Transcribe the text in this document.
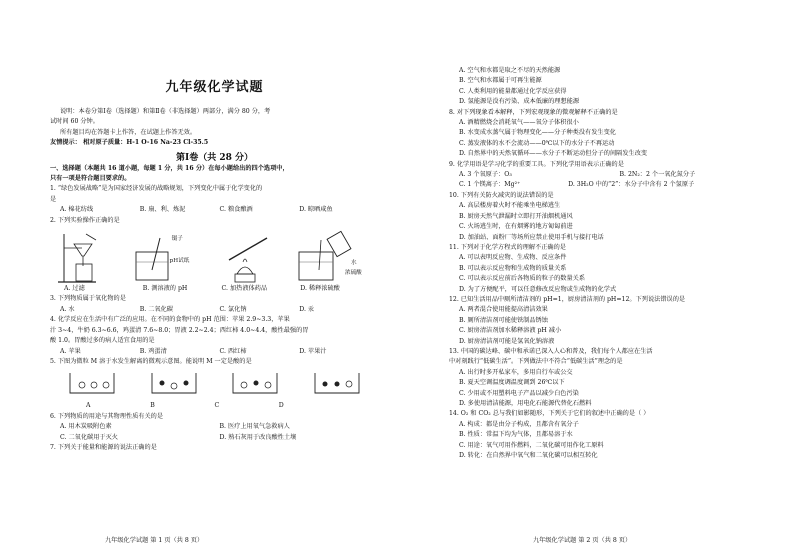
九年级化学试题
说明：本卷分第Ⅰ卷（选择题）和第Ⅱ卷（非选择题）两部分，满分 80 分，考
试时间 60 分钟。
所有题目均在答题卡上作答，在试题上作答无效。
友情提示： 相对原子质量：H-1 O-16 Na-23 Cl-35.5
第Ⅰ卷（共 28 分）
一、选择题（本题共 16 道小题，每题 1 分，共 16 分）在每小题给出的四个选项中，
只有一项是符合题目要求的。
1. “绿色发展战略”是为国家经济发展的战略规划，下列变化中属于化学变化的
是
A. 棉花纺线	B. 扇、利、炼泥	C. 粮食酿酒	D. 晾晒咸鱼
2. 下列实验操作正确的是
镊子
pH试纸	水
浓硫酸
A. 过滤	B. 测溶液的 pH	C. 加热液体药品	D. 稀释浓硫酸
3. 下列物质属于氧化物的是
A. 水	B. 二氧化碳	C. 氯化钠	D. 汞
4. 化学反应在生活中有广泛的应用。在不同的食物中的 pH 范围：苹果 2.9~3.3，苹果
汁 3~4，牛奶 6.3~6.6，鸡蛋清 7.6~8.0；胃液 2.2~2.4；西红柿 4.0~4.4，酸性最强的胃
酸 1.0。胃酸过多的病人适宜食用的是
A. 苹果	B. 鸡蛋清	C. 西红柿	D. 苹果汁
5. 下图为微粒 M 溶于水发生解离的微观示意图。能说明 M 一定是酸的是
A	B	C	D
6. 下列物质的用途与其物理性质有关的是
A. 用木炭吸附色素	B. 医疗上用氧气急救病人
C. 二氧化碳用于灭火	D. 熟石灰用于改良酸性土壤
7. 下列关于能量和能源的说法正确的是
九年级化学试题 第 1 页（共 8 页）
A. 空气和水都是取之不尽的天然能源
B. 空气和水都属于可再生能源
C. 人类利用的能量都通过化学反应获得
D. 氢能源是没有污染、成本低廉的理想能源
8. 对下列现象看本解释，下列宏观现象的微观解释不正确的是
A. 酒精燃烧会消耗氧气——氧分子体积很小
B. 水变成水蒸气属于物理变化——分子种类没有发生变化
C. 蒸发液体的水不会流动——0℃以下的水分子不再运动
D. 自然界中的天然氧循环——水分子不断运动但分子的间隔发生改变
9. 化学用语是学习化学的重要工具。下列化学用语表示正确的是
A. 3 个氧原子：O₃	B. 2N₂：2 个一氧化氮分子
C. 1 个镁离子：Mg²⁺	D. 3H₂O 中的“2”：水分子中含有 2 个氢原子
10. 下列有关防火减灾的说法错误的是
A. 高层楼房着火时不能乘坐电梯逃生
B. 厨房天然气泄漏时立即打开油烟机通风
C. 火场逃生时，在有烟雾的地方匍匐前进
D. 加油站、面粉厂等场所应禁止使用手机与接打电话
11. 下列对于化学方程式的理解不正确的是
A. 可以表明反应物、生成物、反应条件
B. 可以表示反应物和生成物的质量关系
C. 可以表示反应前后各物质的粒子的数量关系
D. 为了方便配平，可以任意修改反应物或生成物的化学式
12. 已知生活用品中厕所清洁剂的 pH=1，厨房清洁剂的 pH=12。下列说法错误的是
A. 两者混合使用能提高清洁效果
B. 厕所清洁剂可能使铁制品锈蚀
C. 厨房清洁剂加水稀释溶液 pH 减小
D. 厨房清洁剂可能是氢氧化钠溶液
13. 中国的碳达峰、碳中和承诺已深入人心和普及，我们每个人都应在生活
中对刻践行“低碳生活”。下列做法中不符合“低碳生活”理念的是
A. 出行时多开私家车，多用自行车或公交
B. 夏天空调温度调温度调到 26℃以下
C. 少用或不用塑料电子产品以减少白色污染
D. 多使用清洁能源，用电化石能源代替化石燃料
14. O₂ 和 CO₂ 总与我们如影随形，下列关于它们的叙述中正确的是（ ）
A. 构成：都是由分子构成，且都含有氧分子
B. 性质：常温下均为气体，且都易溶于水
C. 用途：氧气可用作燃料，二氧化碳可用作化工原料
D. 转化：在自然界中氧气和二氧化碳可以相互转化
九年级化学试题 第 2 页（共 8 页）
